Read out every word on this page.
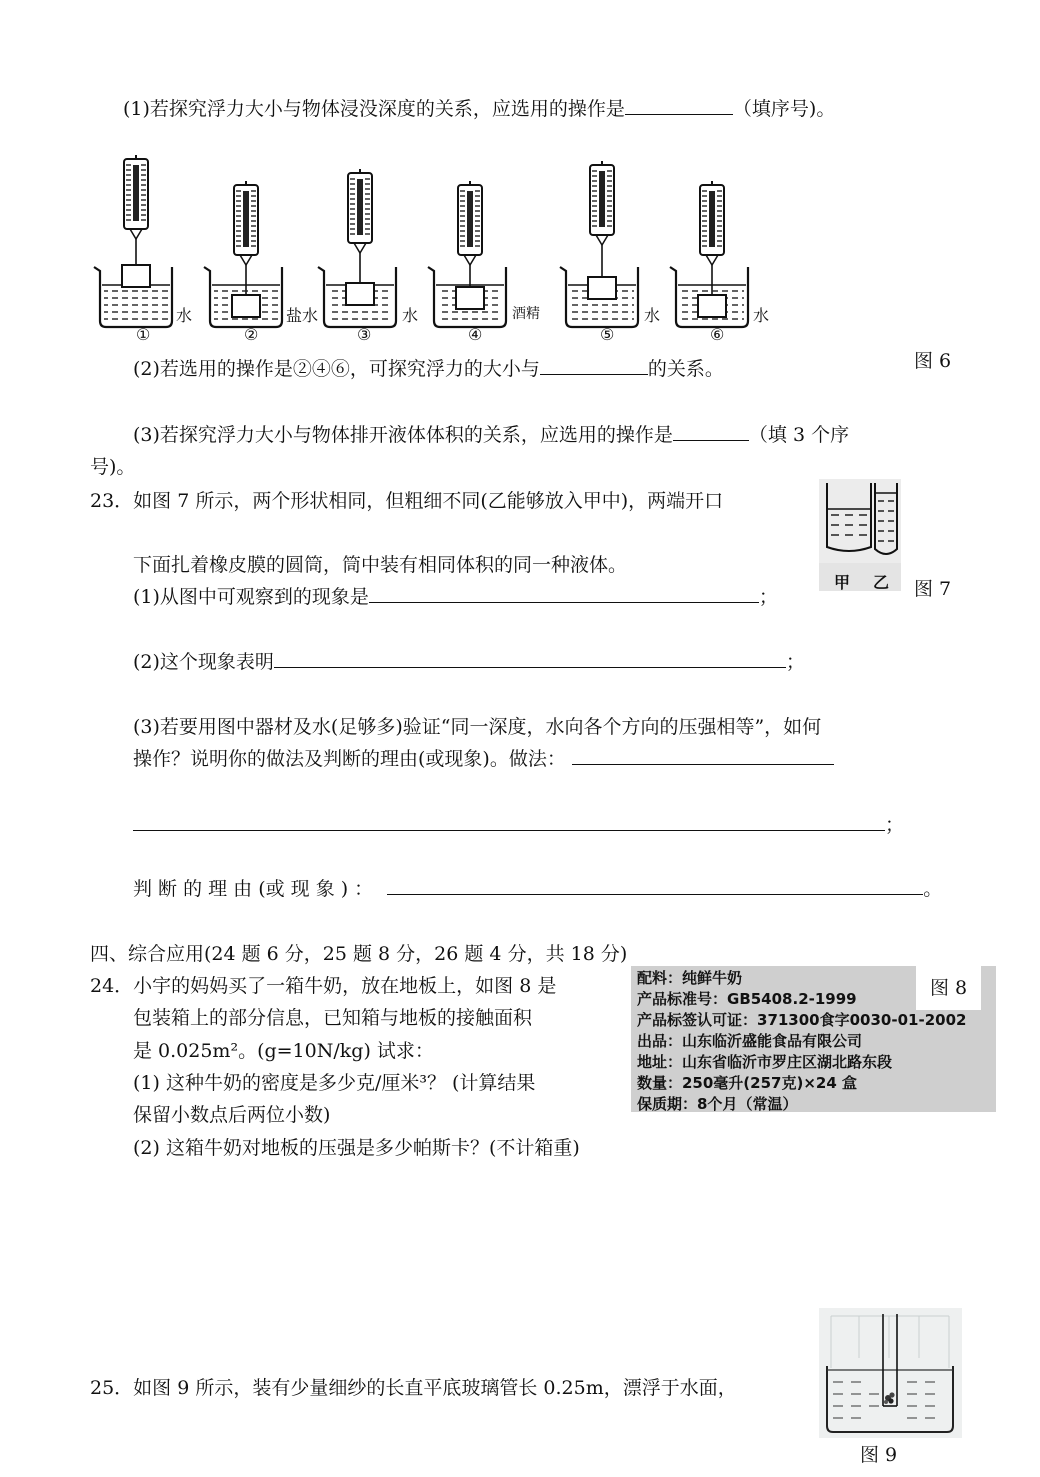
(1)若探究浮力大小与物体浸没深度的关系，应选用的操作是	（填序号)。
水	盐水	水	酒精	水	水
①	②	③	④	⑤	⑥
图 6
(2)若选用的操作是②④⑥，可探究浮力的大小与	的关系。
(3)若探究浮力大小与物体排开液体体积的关系，应选用的操作是	（填 3 个序
号)。
23．如图 7 所示，两个形状相同，但粗细不同(乙能够放入甲中)，两端开口
下面扎着橡皮膜的圆筒，筒中装有相同体积的同一种液体。
甲 乙 图 7
(1)从图中可观察到的现象是	；
(2)这个现象表明	；
(3)若要用图中器材及水(足够多)验证“同一深度，水向各个方向的压强相等”，如何
操作？说明你的做法及判断的理由(或现象)。做法：
；
判 断 的 理 由 (或 现 象 ) ：	。
四、综合应用(24 题 6 分，25 题 8 分，26 题 4 分，共 18 分)
24．小宇的妈妈买了一箱牛奶，放在地板上，如图 8 是
包装箱上的部分信息，已知箱与地板的接触面积
是 0.025m²。(g=10N/kg) 试求：
(1) 这种牛奶的密度是多少克/厘米³？ (计算结果
保留小数点后两位小数)
(2) 这箱牛奶对地板的压强是多少帕斯卡？(不计箱重)
配料：纯鲜牛奶
产品标准号：GB5408.2-1999
产品标签认可证：371300食字0030-01-2002
出品：山东临沂盛能食品有限公司
地址：山东省临沂市罗庄区湖北路东段
数量：250毫升(257克)×24 盒
保质期：8个月（常温）
图 8
25．如图 9 所示，装有少量细纱的长直平底玻璃管长 0.25m，漂浮于水面，
图 9
